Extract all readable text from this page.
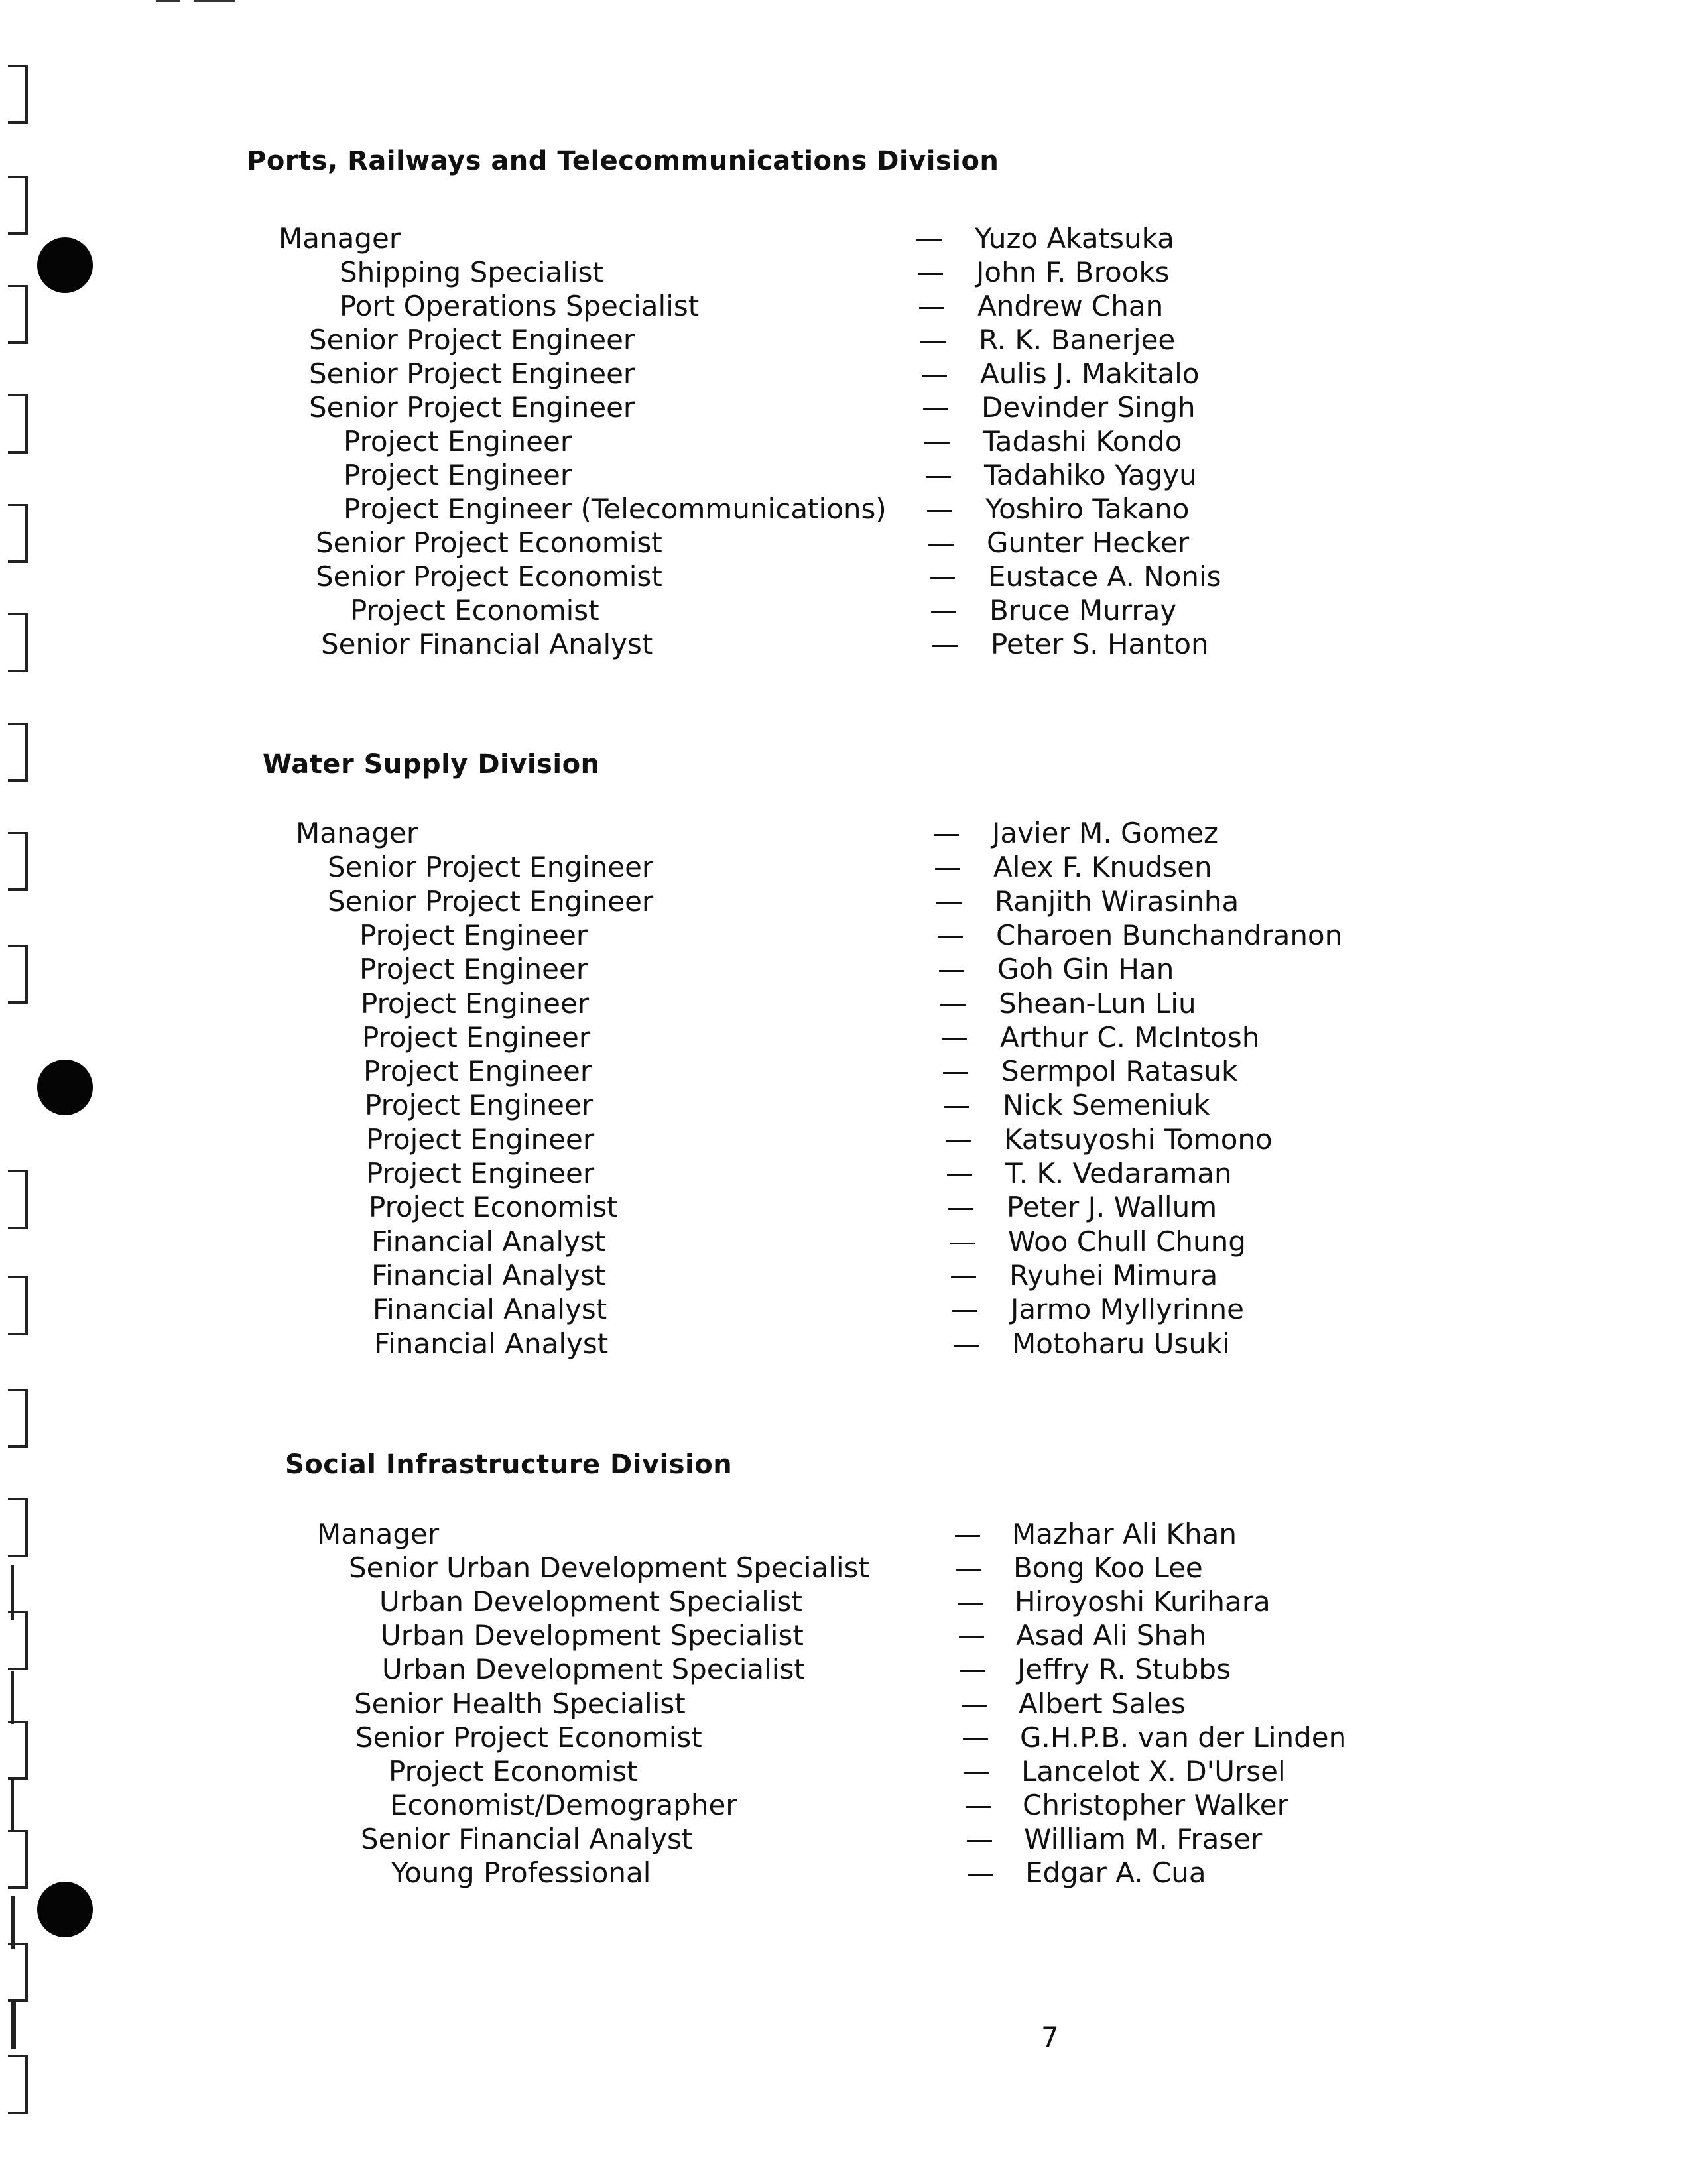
Ports, Railways and Telecommunications Division
Water Supply Division
Social Infrastructure Division
Manager	— Yuzo Akatsuka
Shipping Specialist	— John F. Brooks
Port Operations Specialist	— Andrew Chan
Senior Project Engineer	— R. K. Banerjee
Senior Project Engineer	— Aulis J. Makitalo
Senior Project Engineer	— Devinder Singh
Project Engineer	— Tadashi Kondo
Project Engineer	— Tadahiko Yagyu
Project Engineer (Telecommunications) — Yoshiro Takano
Senior Project Economist	— Gunter Hecker
Senior Project Economist	— Eustace A. Nonis
Project Economist	— Bruce Murray
Senior Financial Analyst	— Peter S. Hanton
Manager	— Javier M. Gomez
Senior Project Engineer	— Alex F. Knudsen
Senior Project Engineer	— Ranjith Wirasinha
Project Engineer	— Charoen Bunchandranon
Project Engineer	— Goh Gin Han
Project Engineer	— Shean-Lun Liu
Project Engineer	— Arthur C. McIntosh
Project Engineer	— Sermpol Ratasuk
Project Engineer	— Nick Semeniuk
Project Engineer	— Katsuyoshi Tomono
Project Engineer	— T. K. Vedaraman
Project Economist	— Peter J. Wallum
Financial Analyst	— Woo Chull Chung
Financial Analyst	— Ryuhei Mimura
Financial Analyst	— Jarmo Myllyrinne
Financial Analyst	— Motoharu Usuki
Manager	— Mazhar Ali Khan
Senior Urban Development Specialist	— Bong Koo Lee
Urban Development Specialist	— Hiroyoshi Kurihara
Urban Development Specialist	— Asad Ali Shah
Urban Development Specialist	— Jeffry R. Stubbs
Senior Health Specialist	— Albert Sales
Senior Project Economist	— G.H.P.B. van der Linden
Project Economist	— Lancelot X. D'Ursel
Economist/Demographer	— Christopher Walker
Senior Financial Analyst	— William M. Fraser
Young Professional	— Edgar A. Cua
7
